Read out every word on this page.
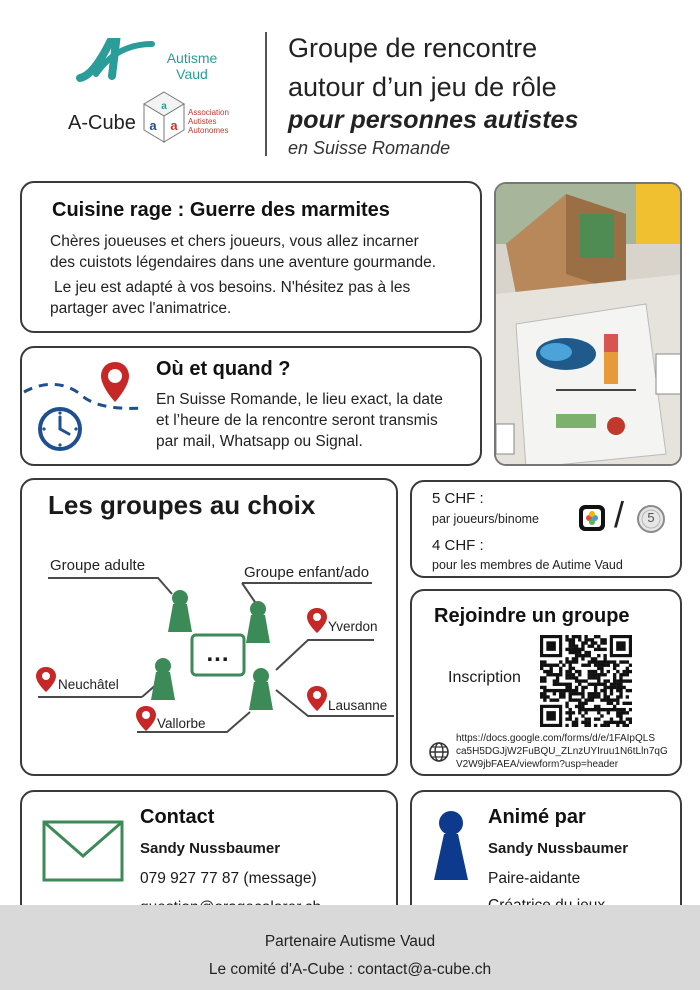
Autisme
Vaud
A-Cube
a
a a
Association
Autistes
Autonomes
Groupe de rencontre
autour d’un jeu de rôle
pour personnes autistes
en Suisse Romande
Cuisine rage : Guerre des marmites
Chères joueuses et chers joueurs, vous allez incarner
des cuistots légendaires dans une aventure gourmande.
Le jeu est adapté à vos besoins. N'hésitez pas à les
partager avec l'animatrice.
Où et quand ?
En Suisse Romande, le lieu exact, la date
et l’heure de la rencontre seront transmis
par mail, Whatsapp ou Signal.
Les groupes au choix
Groupe adulte	Groupe enfant/ado
...
Yverdon
Neuchâtel
Vallorbe
Lausanne
5 CHF :
par joueurs/binome
4 CHF :
pour les membres de Autime Vaud
/	5
Rejoindre un groupe
Inscription
https://docs.google.com/forms/d/e/1FAIpQLS
ca5H5DGJjW2FuBQU_ZLnzUYIruu1N6tLln7qG
V2W9jbFAEA/viewform?usp=header
Contact
Sandy Nussbaumer
079 927 77 87 (message)
Animé par
Sandy Nussbaumer
Paire-aidante
Partenaire Autisme Vaud
Le comité d'A-Cube : contact@a-cube.ch
